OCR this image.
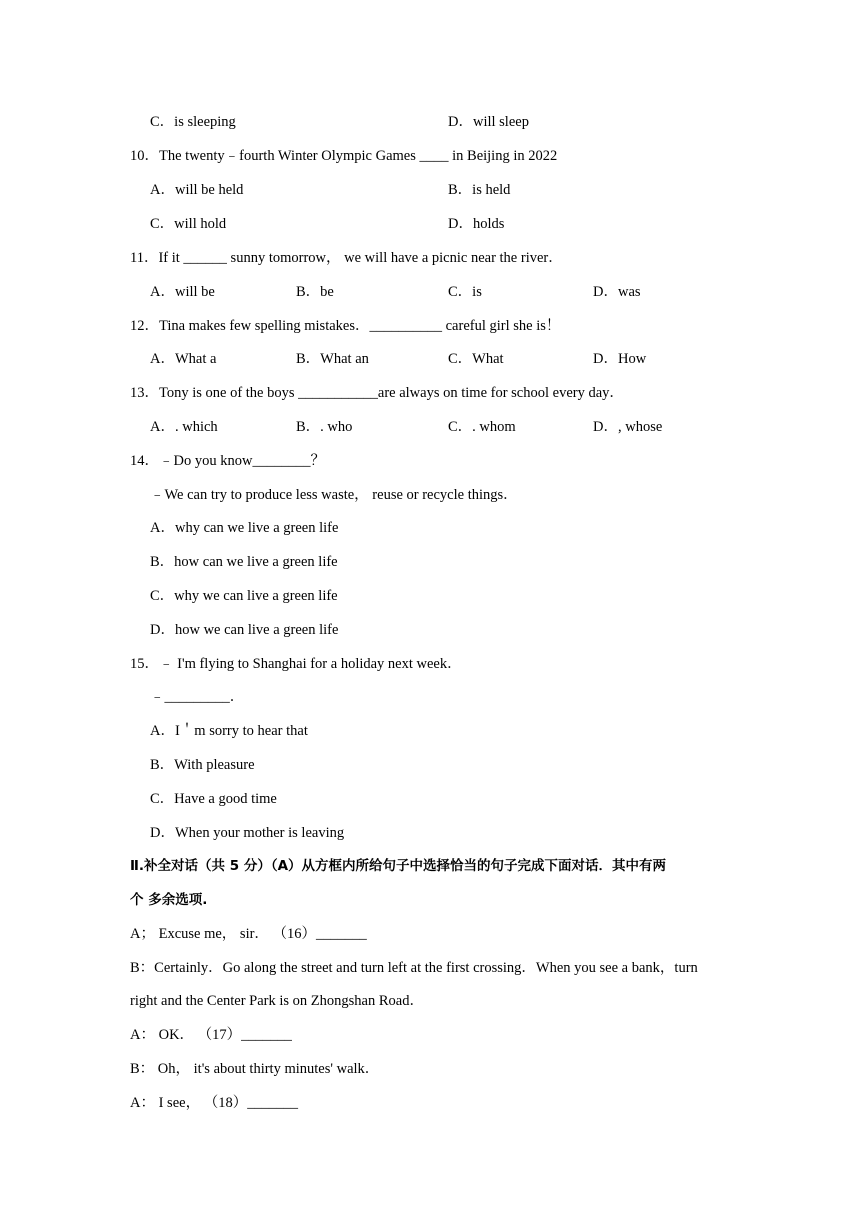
C．is sleeping	D．will sleep
10．The twenty﹣fourth Winter Olympic Games ____ in Beijing in 2022
A．will be held	B．is held
C．will hold	D．holds
11．If it ______ sunny tomorrow， we will have a picnic near the river．
A．will be	B．be	C．is	D．was
12．Tina makes few spelling mistakes．__________ careful girl she is！
A．What a	B．What an	C．What	D．How
13．Tony is one of the boys ___________are always on time for school every day．
A．. which	B．. who	C．. whom	D．, whose
14．﹣Do you know________？
﹣We can try to produce less waste， reuse or recycle things．
A．why can we live a green life
B．how can we live a green life
C．why we can live a green life
D．how we can live a green life
15．﹣ I'm flying to Shanghai for a holiday next week．
﹣_________．
A．I＇m sorry to hear that
B．With pleasure
C．Have a good time
D．When your mother is leaving
Ⅱ.补全对话（共 5 分）（A）从方框内所给句子中选择恰当的句子完成下面对话．其中有两
个 多余选项.
A； Excuse me， sir． （16）_______
B：Certainly．Go along the street and turn left at the first crossing．When you see a bank，turn
right and the Center Park is on Zhongshan Road．
A： OK． （17）_______
B： Oh， it's about thirty minutes' walk．
A： I see， （18）_______
